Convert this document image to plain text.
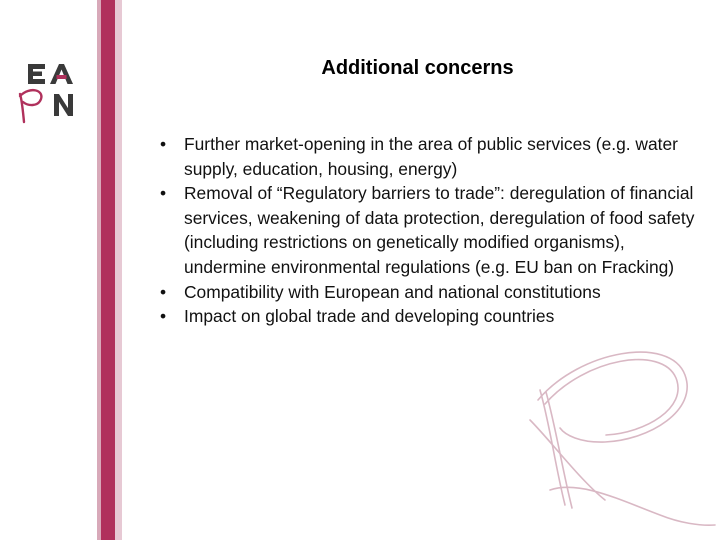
Additional concerns
• Further market-opening in the area of public services (e.g. water supply, education, housing, energy)
• Removal of “Regulatory barriers to trade”: deregulation of financial services, weakening of data protection, deregulation of food safety (including restrictions on genetically modified organisms), undermine environmental regulations (e.g. EU ban on Fracking)
• Compatibility with European and national constitutions
• Impact on global trade and developing countries
